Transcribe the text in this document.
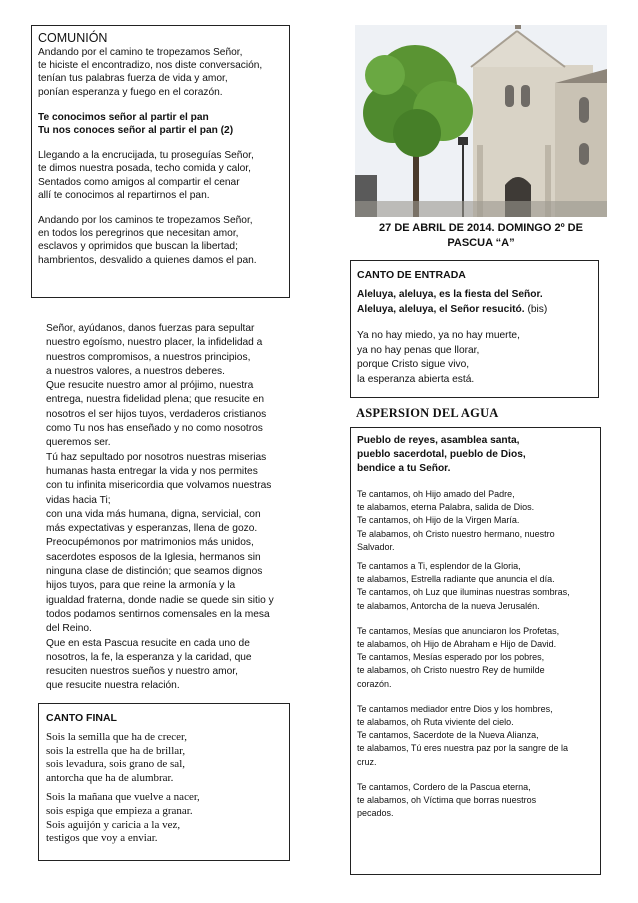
COMUNIÓN
Andando por el camino te tropezamos Señor,
te hiciste el encontradizo, nos diste conversación,
tenían tus palabras fuerza de vida y amor,
ponían esperanza y fuego en el corazón.
Te conocimos señor al partir el pan
Tu nos conoces señor al partir el pan (2)
Llegando a la encrucijada, tu proseguías Señor,
te dimos nuestra posada, techo comida y calor,
Sentados como amigos al compartir el cenar
allí te conocimos al repartirnos el pan.
Andando por los caminos te tropezamos Señor,
en todos los peregrinos que necesitan amor,
esclavos y oprimidos que buscan la libertad;
hambrientos, desvalido a quienes damos el pan.
Señor, ayúdanos, danos fuerzas para sepultar
nuestro egoísmo, nuestro placer, la infidelidad a
nuestros compromisos, a nuestros principios,
a nuestros valores, a nuestros deberes.
Que resucite nuestro amor al prójimo, nuestra
entrega, nuestra fidelidad plena; que resucite en
nosotros el ser hijos tuyos, verdaderos cristianos
como Tu nos has enseñado y no como nosotros
queremos ser.
Tú haz sepultado por nosotros nuestras miserias
humanas hasta entregar la vida y nos permites
con tu infinita misericordia que volvamos nuestras
vidas hacia Ti;
con una vida más humana, digna, servicial, con
más expectativas y esperanzas, llena de gozo.
Preocupémonos por matrimonios más unidos,
sacerdotes esposos de la Iglesia, hermanos sin
ninguna clase de distinción; que seamos dignos
hijos tuyos, para que reine la armonía y la
igualdad fraterna, donde nadie se quede sin sitio y
todos podamos sentirnos comensales en la mesa
del Reino.
Que en esta Pascua resucite en cada uno de
nosotros, la fe, la esperanza y la caridad, que
resuciten nuestros sueños y nuestro amor,
que resucite nuestra relación.
CANTO FINAL
Sois la semilla que ha de crecer,
sois la estrella que ha de brillar,
sois levadura, sois grano de sal,
antorcha que ha de alumbrar.
Sois la mañana que vuelve a nacer,
sois espiga que empieza a granar.
Sois aguijón y caricia a la vez,
testigos que voy a enviar.
27 DE ABRIL DE 2014. DOMINGO 2º DE
PASCUA “A”
CANTO DE ENTRADA
Aleluya, aleluya, es la fiesta del Señor.
Aleluya, aleluya, el Señor resucitó. (bis)
Ya no hay miedo, ya no hay muerte,
ya no hay penas que llorar,
porque Cristo sigue vivo,
la esperanza abierta está.
ASPERSION DEL AGUA
Pueblo de reyes, asamblea santa,
pueblo sacerdotal, pueblo de Dios,
bendice a tu Señor.
Te cantamos, oh Hijo amado del Padre,
te alabamos, eterna Palabra, salida de Dios.
Te cantamos, oh Hijo de la Virgen María.
Te alabamos, oh Cristo nuestro hermano, nuestro
Salvador.
Te cantamos a Ti, esplendor de la Gloria,
te alabamos, Estrella radiante que anuncia el día.
Te cantamos, oh Luz que iluminas nuestras sombras,
te alabamos, Antorcha de la nueva Jerusalén.
Te cantamos, Mesías que anunciaron los Profetas,
te alabamos, oh Hijo de Abraham e Hijo de David.
Te cantamos, Mesías esperado por los pobres,
te alabamos, oh Cristo nuestro Rey de humilde
corazón.
Te cantamos mediador entre Dios y los hombres,
te alabamos, oh Ruta viviente del cielo.
Te cantamos, Sacerdote de la Nueva Alianza,
te alabamos, Tú eres nuestra paz por la sangre de la
cruz.
Te cantamos, Cordero de la Pascua eterna,
te alabamos, oh Víctima que borras nuestros
pecados.
